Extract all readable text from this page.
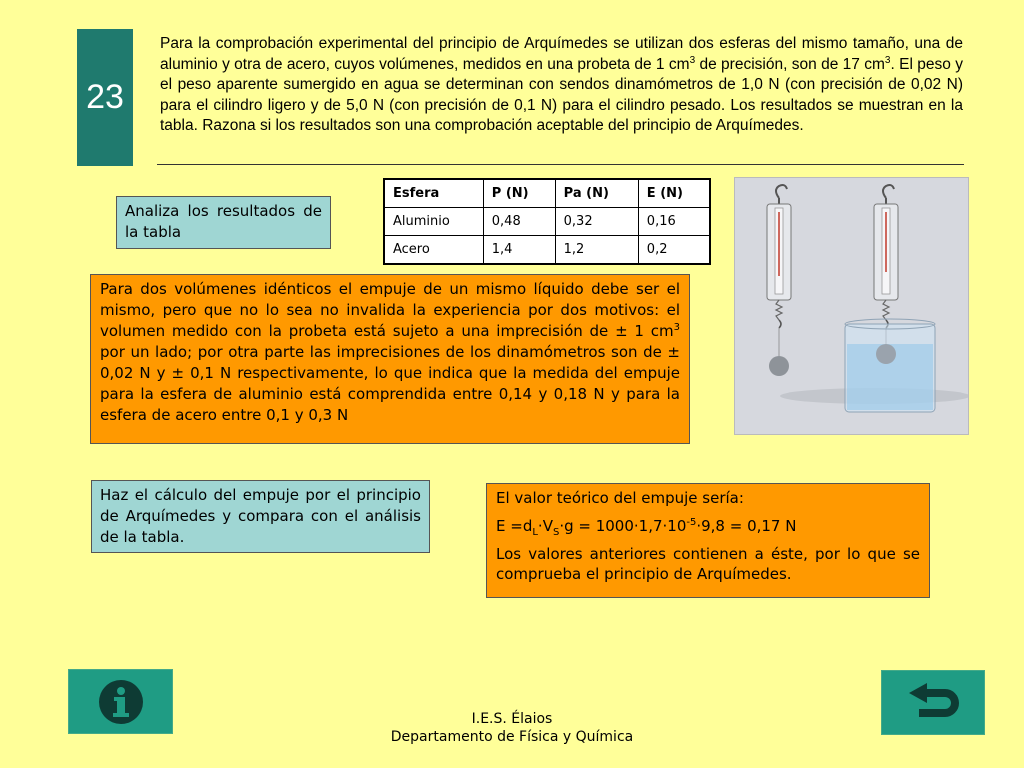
23
Para la comprobación experimental del principio de Arquímedes se utilizan dos esferas del mismo tamaño, una de aluminio y otra de acero, cuyos volúmenes, medidos en una probeta de 1 $cm^3$ de precisión, son de 17 $cm^3$. El peso y el peso aparente sumergido en agua se determinan con sendos dinamómetros de 1,0 N (con precisión de 0,02 N) para el cilindro ligero y de 5,0 N (con precisión de 0,1 N) para el cilindro pesado. Los resultados se muestran en la tabla. Razona si los resultados son una comprobación aceptable del principio de Arquímedes.
Analiza los resultados de la tabla
Esfera	P (N)	Pa (N)	E (N)
Aluminio	0,48	0,32	0,16
Acero	1,4	1,2	0,2
Para dos volúmenes idénticos el empuje de un mismo líquido debe ser el mismo, pero que no lo sea no invalida la experiencia por dos motivos: el volumen medido con la probeta está sujeto a una imprecisión de ± 1 $cm^3$ por un lado; por otra parte las imprecisiones de los dinamómetros son de ± 0,02 N y ± 0,1 N respectivamente, lo que indica que la medida del empuje para la esfera de aluminio está comprendida entre 0,14 y 0,18 N y para la esfera de acero entre 0,1 y 0,3 N
Haz el cálculo del empuje por el principio de Arquímedes y compara con el análisis de la tabla.
El valor teórico del empuje sería:
$E =d_L\cdot V_S\cdot g = 1000\cdot 1,7\cdot 10^{-5}\cdot 9,8 = 0,17$ N
Los valores anteriores contienen a éste, por lo que se comprueba el principio de Arquímedes.
I.E.S. Élaios
Departamento de Física y Química
